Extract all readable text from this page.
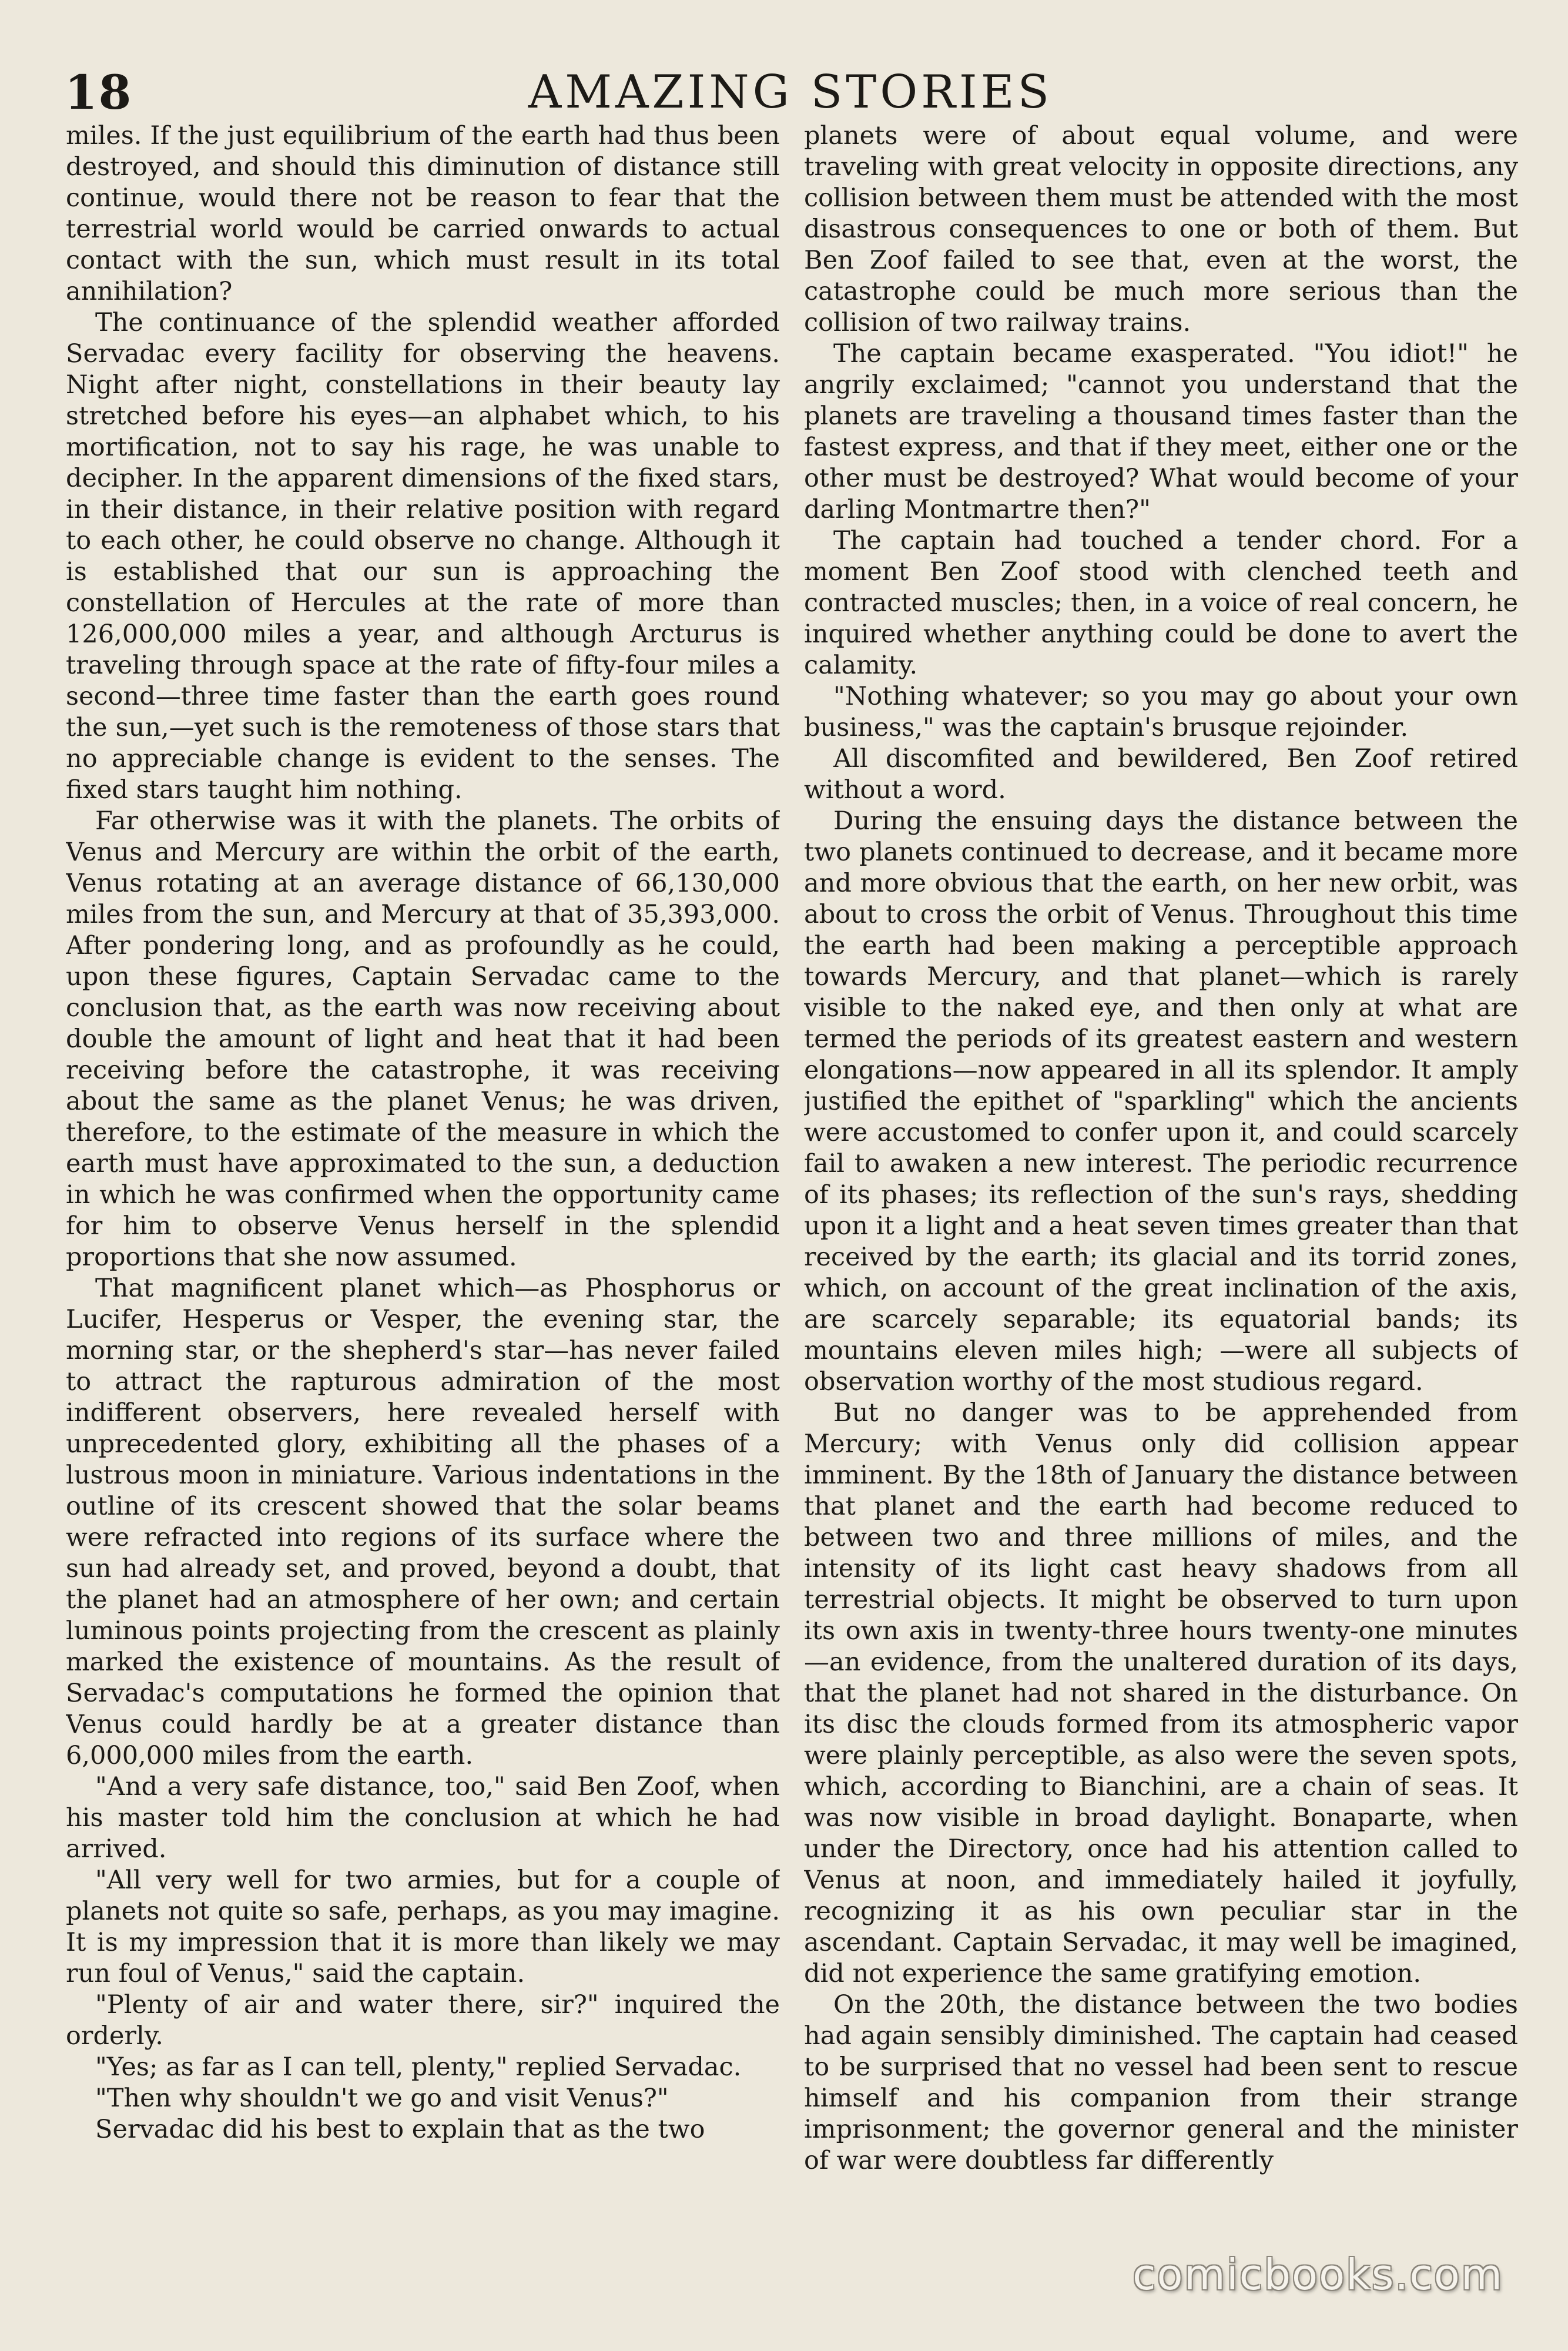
18	AMAZING STORIES

miles. If the just equilibrium of the earth had thus been destroyed, and should this diminution of distance still continue, would there not be reason to fear that the terrestrial world would be carried onwards to actual contact with the sun, which must result in its total annihilation?

The continuance of the splendid weather afforded Servadac every facility for observing the heavens. Night after night, constellations in their beauty lay stretched before his eyes—an alphabet which, to his mortification, not to say his rage, he was unable to decipher. In the apparent dimensions of the fixed stars, in their distance, in their relative position with regard to each other, he could observe no change. Although it is established that our sun is approaching the constellation of Hercules at the rate of more than 126,000,000 miles a year, and although Arcturus is traveling through space at the rate of fifty-four miles a second—three time faster than the earth goes round the sun,—yet such is the remoteness of those stars that no appreciable change is evident to the senses. The fixed stars taught him nothing.

Far otherwise was it with the planets. The orbits of Venus and Mercury are within the orbit of the earth, Venus rotating at an average distance of 66,130,000 miles from the sun, and Mercury at that of 35,393,000. After pondering long, and as profoundly as he could, upon these figures, Captain Servadac came to the conclusion that, as the earth was now receiving about double the amount of light and heat that it had been receiving before the catastrophe, it was receiving about the same as the planet Venus; he was driven, therefore, to the estimate of the measure in which the earth must have approximated to the sun, a deduction in which he was confirmed when the opportunity came for him to observe Venus herself in the splendid proportions that she now assumed.

That magnificent planet which—as Phosphorus or Lucifer, Hesperus or Vesper, the evening star, the morning star, or the shepherd's star—has never failed to attract the rapturous admiration of the most indifferent observers, here revealed herself with unprecedented glory, exhibiting all the phases of a lustrous moon in miniature. Various indentations in the outline of its crescent showed that the solar beams were refracted into regions of its surface where the sun had already set, and proved, beyond a doubt, that the planet had an atmosphere of her own; and certain luminous points projecting from the crescent as plainly marked the existence of mountains. As the result of Servadac's computations he formed the opinion that Venus could hardly be at a greater distance than 6,000,000 miles from the earth.

"And a very safe distance, too," said Ben Zoof, when his master told him the conclusion at which he had arrived.

"All very well for two armies, but for a couple of planets not quite so safe, perhaps, as you may imagine. It is my impression that it is more than likely we may run foul of Venus," said the captain.

"Plenty of air and water there, sir?" inquired the orderly.

"Yes; as far as I can tell, plenty," replied Servadac.

"Then why shouldn't we go and visit Venus?"

Servadac did his best to explain that as the two

planets were of about equal volume, and were traveling with great velocity in opposite directions, any collision between them must be attended with the most disastrous consequences to one or both of them. But Ben Zoof failed to see that, even at the worst, the catastrophe could be much more serious than the collision of two railway trains.

The captain became exasperated. "You idiot!" he angrily exclaimed; "cannot you understand that the planets are traveling a thousand times faster than the fastest express, and that if they meet, either one or the other must be destroyed? What would become of your darling Montmartre then?"

The captain had touched a tender chord. For a moment Ben Zoof stood with clenched teeth and contracted muscles; then, in a voice of real concern, he inquired whether anything could be done to avert the calamity.

"Nothing whatever; so you may go about your own business," was the captain's brusque rejoinder.

All discomfited and bewildered, Ben Zoof retired without a word.

During the ensuing days the distance between the two planets continued to decrease, and it became more and more obvious that the earth, on her new orbit, was about to cross the orbit of Venus. Throughout this time the earth had been making a perceptible approach towards Mercury, and that planet—which is rarely visible to the naked eye, and then only at what are termed the periods of its greatest eastern and western elongations—now appeared in all its splendor. It amply justified the epithet of "sparkling" which the ancients were accustomed to confer upon it, and could scarcely fail to awaken a new interest. The periodic recurrence of its phases; its reflection of the sun's rays, shedding upon it a light and a heat seven times greater than that received by the earth; its glacial and its torrid zones, which, on account of the great inclination of the axis, are scarcely separable; its equatorial bands; its mountains eleven miles high; —were all subjects of observation worthy of the most studious regard.

But no danger was to be apprehended from Mercury; with Venus only did collision appear imminent. By the 18th of January the distance between that planet and the earth had become reduced to between two and three millions of miles, and the intensity of its light cast heavy shadows from all terrestrial objects. It might be observed to turn upon its own axis in twenty-three hours twenty-one minutes—an evidence, from the unaltered duration of its days, that the planet had not shared in the disturbance. On its disc the clouds formed from its atmospheric vapor were plainly perceptible, as also were the seven spots, which, according to Bianchini, are a chain of seas. It was now visible in broad daylight. Bonaparte, when under the Directory, once had his attention called to Venus at noon, and immediately hailed it joyfully, recognizing it as his own peculiar star in the ascendant. Captain Servadac, it may well be imagined, did not experience the same gratifying emotion.

On the 20th, the distance between the two bodies had again sensibly diminished. The captain had ceased to be surprised that no vessel had been sent to rescue himself and his companion from their strange imprisonment; the governor general and the minister of war were doubtless far differently

comicbooks.com
